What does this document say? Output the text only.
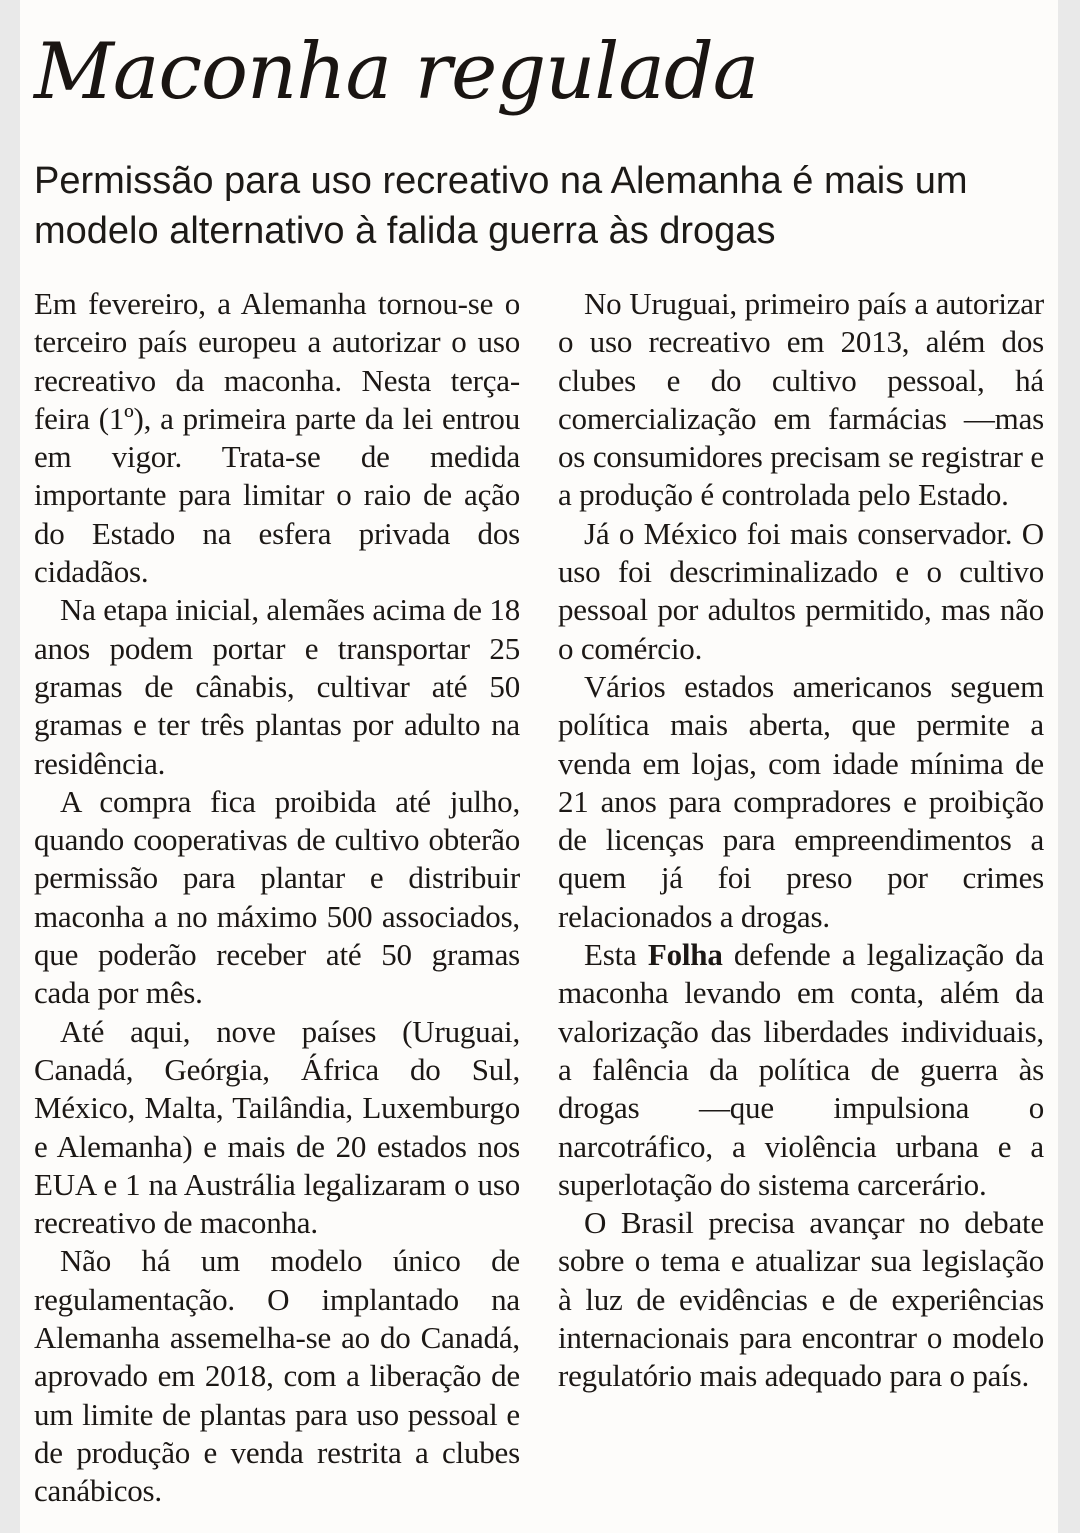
Maconha regulada
Permissão para uso recreativo na Alemanha é mais um modelo alternativo à falida guerra às drogas

Em fevereiro, a Alemanha tornou-se o terceiro país europeu a autorizar o uso recreativo da maconha. Nesta terça-feira (1º), a primeira parte da lei entrou em vigor. Trata-se de medida importante para limitar o raio de ação do Estado na esfera privada dos cidadãos.

Na etapa inicial, alemães acima de 18 anos podem portar e transportar 25 gramas de cânabis, cultivar até 50 gramas e ter três plantas por adulto na residência.

A compra fica proibida até julho, quando cooperativas de cultivo obterão permissão para plantar e distribuir maconha a no máximo 500 associados, que poderão receber até 50 gramas cada por mês.

Até aqui, nove países (Uruguai, Canadá, Geórgia, África do Sul, México, Malta, Tailândia, Luxemburgo e Alemanha) e mais de 20 estados nos EUA e 1 na Austrália legalizaram o uso recreativo de maconha.

Não há um modelo único de regulamentação. O implantado na Alemanha assemelha-se ao do Canadá, aprovado em 2018, com a liberação de um limite de plantas para uso pessoal e de produção e venda restrita a clubes canábicos.

No Uruguai, primeiro país a autorizar o uso recreativo em 2013, além dos clubes e do cultivo pessoal, há comercialização em farmácias —mas os consumidores precisam se registrar e a produção é controlada pelo Estado.

Já o México foi mais conservador. O uso foi descriminalizado e o cultivo pessoal por adultos permitido, mas não o comércio.

Vários estados americanos seguem política mais aberta, que permite a venda em lojas, com idade mínima de 21 anos para compradores e proibição de licenças para empreendimentos a quem já foi preso por crimes relacionados a drogas.

Esta Folha defende a legalização da maconha levando em conta, além da valorização das liberdades individuais, a falência da política de guerra às drogas —que impulsiona o narcotráfico, a violência urbana e a superlotação do sistema carcerário.

O Brasil precisa avançar no debate sobre o tema e atualizar sua legislação à luz de evidências e de experiências internacionais para encontrar o modelo regulatório mais adequado para o país.
